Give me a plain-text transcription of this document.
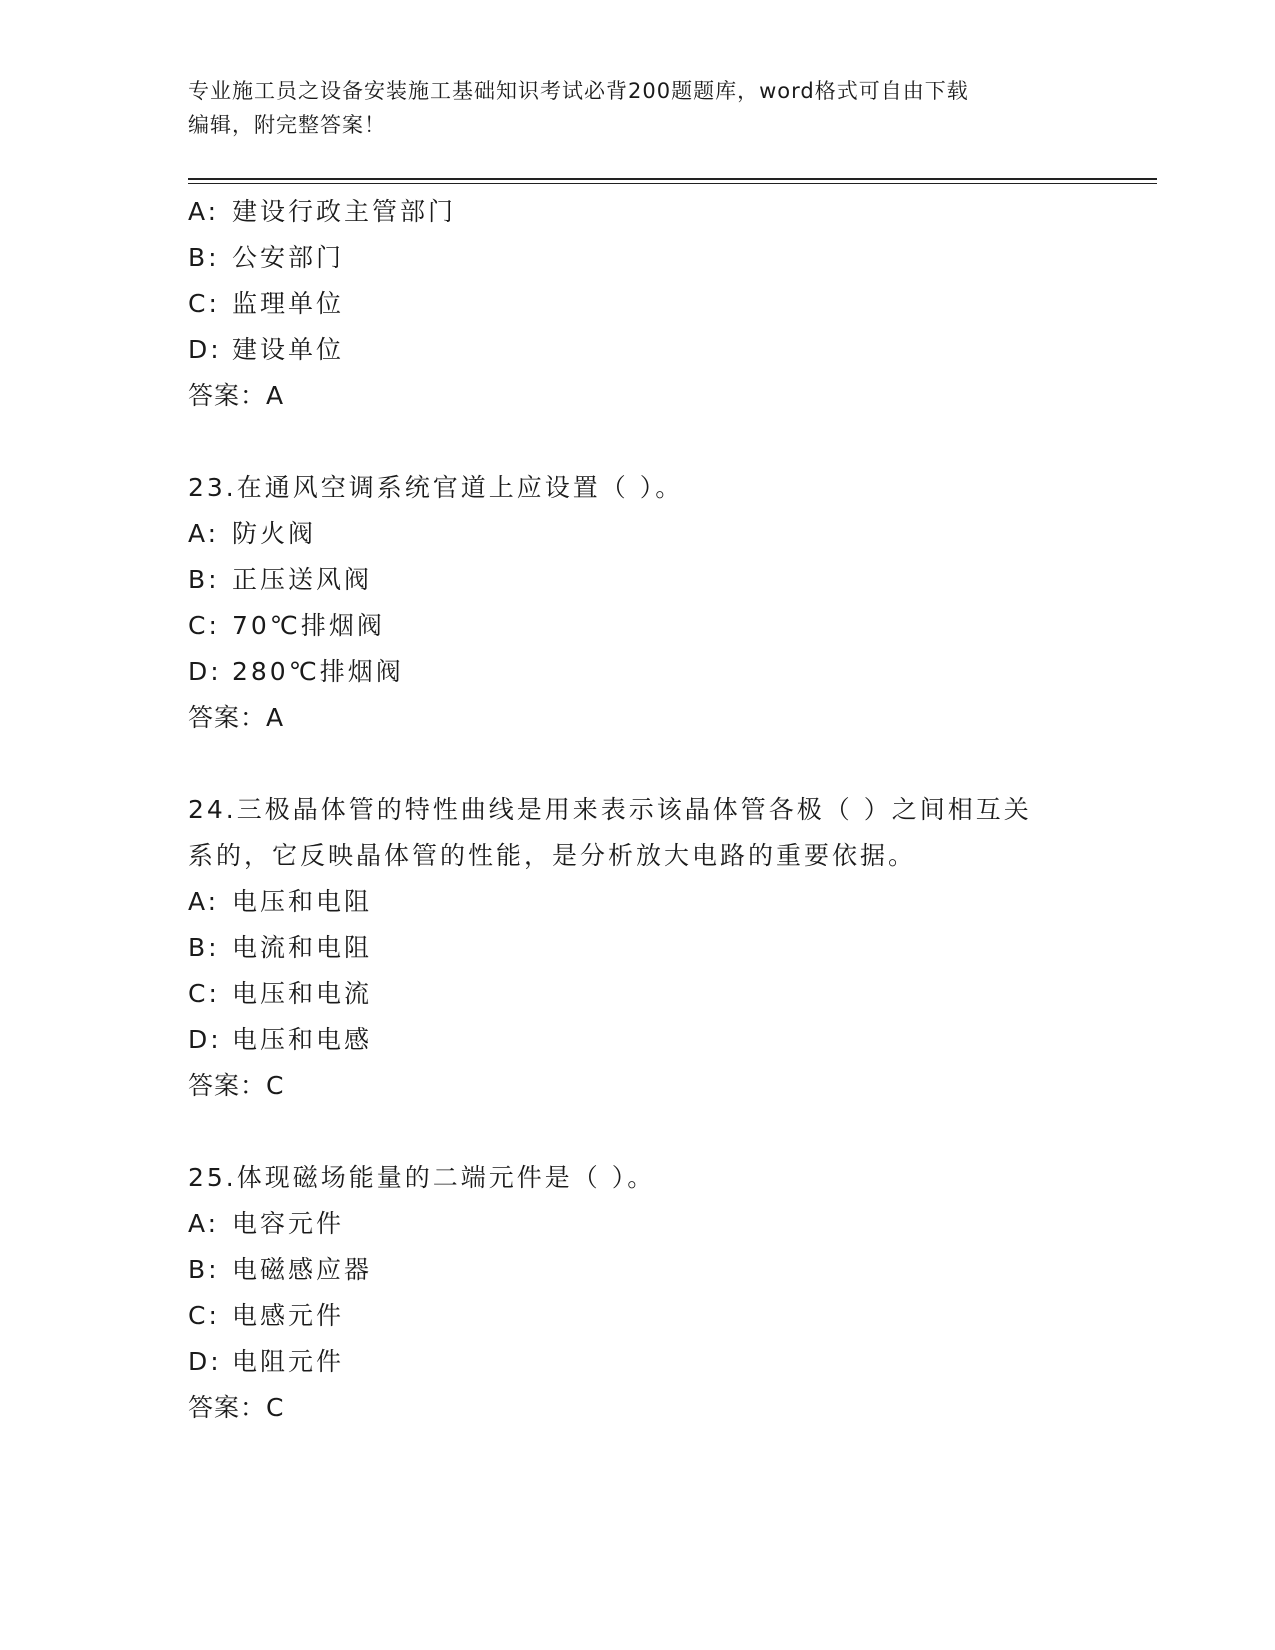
专业施工员之设备安装施工基础知识考试必背200题题库，word格式可自由下载
编辑，附完整答案！
A: 建设行政主管部门
B: 公安部门
C: 监理单位
D: 建设单位
答案：A
23.在通风空调系统官道上应设置（ ）。
A: 防火阀
B: 正压送风阀
C: 70℃排烟阀
D: 280℃排烟阀
答案：A
24.三极晶体管的特性曲线是用来表示该晶体管各极（ ）之间相互关
系的，它反映晶体管的性能，是分析放大电路的重要依据。
A: 电压和电阻
B: 电流和电阻
C: 电压和电流
D: 电压和电感
答案：C
25.体现磁场能量的二端元件是（ ）。
A: 电容元件
B: 电磁感应器
C: 电感元件
D: 电阻元件
答案：C
